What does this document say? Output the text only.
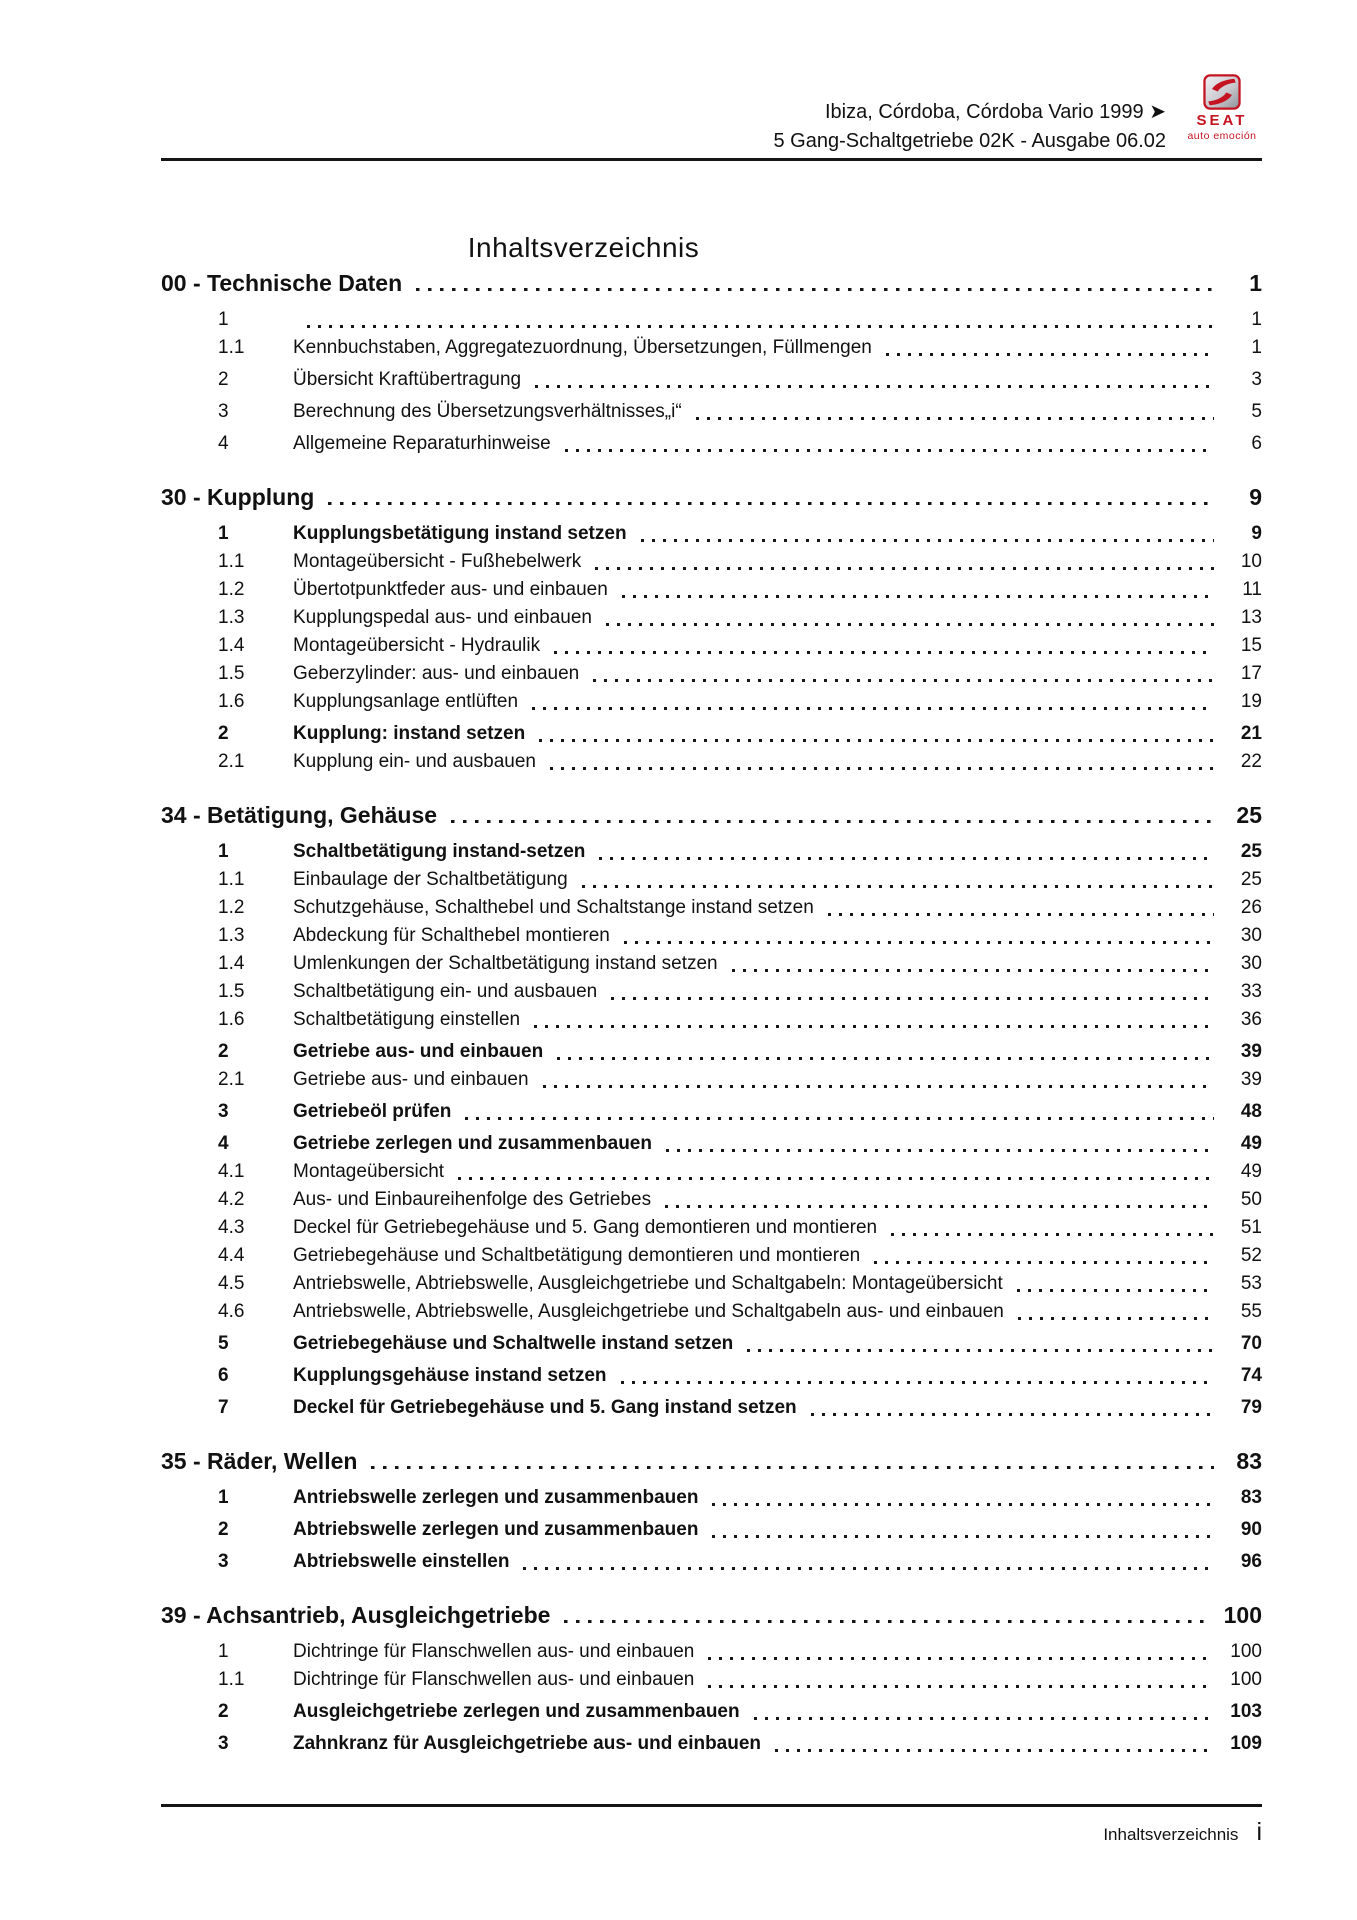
Ibiza, Córdoba, Córdoba Vario 1999 ➤
5 Gang-Schaltgetriebe 02K - Ausgabe 06.02
SEAT
auto emoción
Inhaltsverzeichnis
00 - Technische Daten	1
1	1
1.1	Kennbuchstaben, Aggregatezuordnung, Übersetzungen, Füllmengen	1
2	Übersicht Kraftübertragung	3
3	Berechnung des Übersetzungsverhältnisses„i“	5
4	Allgemeine Reparaturhinweise	6
30 - Kupplung	9
1	Kupplungsbetätigung instand setzen	9
1.1	Montageübersicht - Fußhebelwerk	10
1.2	Übertotpunktfeder aus- und einbauen	11
1.3	Kupplungspedal aus- und einbauen	13
1.4	Montageübersicht - Hydraulik	15
1.5	Geberzylinder: aus- und einbauen	17
1.6	Kupplungsanlage entlüften	19
2	Kupplung: instand setzen	21
2.1	Kupplung ein- und ausbauen	22
34 - Betätigung, Gehäuse	25
1	Schaltbetätigung instand-setzen	25
1.1	Einbaulage der Schaltbetätigung	25
1.2	Schutzgehäuse, Schalthebel und Schaltstange instand setzen	26
1.3	Abdeckung für Schalthebel montieren	30
1.4	Umlenkungen der Schaltbetätigung instand setzen	30
1.5	Schaltbetätigung ein- und ausbauen	33
1.6	Schaltbetätigung einstellen	36
2	Getriebe aus- und einbauen	39
2.1	Getriebe aus- und einbauen	39
3	Getriebeöl prüfen	48
4	Getriebe zerlegen und zusammenbauen	49
4.1	Montageübersicht	49
4.2	Aus- und Einbaureihenfolge des Getriebes	50
4.3	Deckel für Getriebegehäuse und 5. Gang demontieren und montieren	51
4.4	Getriebegehäuse und Schaltbetätigung demontieren und montieren	52
4.5	Antriebswelle, Abtriebswelle, Ausgleichgetriebe und Schaltgabeln: Montageübersicht	53
4.6	Antriebswelle, Abtriebswelle, Ausgleichgetriebe und Schaltgabeln aus- und einbauen	55
5	Getriebegehäuse und Schaltwelle instand setzen	70
6	Kupplungsgehäuse instand setzen	74
7	Deckel für Getriebegehäuse und 5. Gang instand setzen	79
35 - Räder, Wellen	83
1	Antriebswelle zerlegen und zusammenbauen	83
2	Abtriebswelle zerlegen und zusammenbauen	90
3	Abtriebswelle einstellen	96
39 - Achsantrieb, Ausgleichgetriebe	100
1	Dichtringe für Flanschwellen aus- und einbauen	100
1.1	Dichtringe für Flanschwellen aus- und einbauen	100
2	Ausgleichgetriebe zerlegen und zusammenbauen	103
3	Zahnkranz für Ausgleichgetriebe aus- und einbauen	109
Inhaltsverzeichnis i
